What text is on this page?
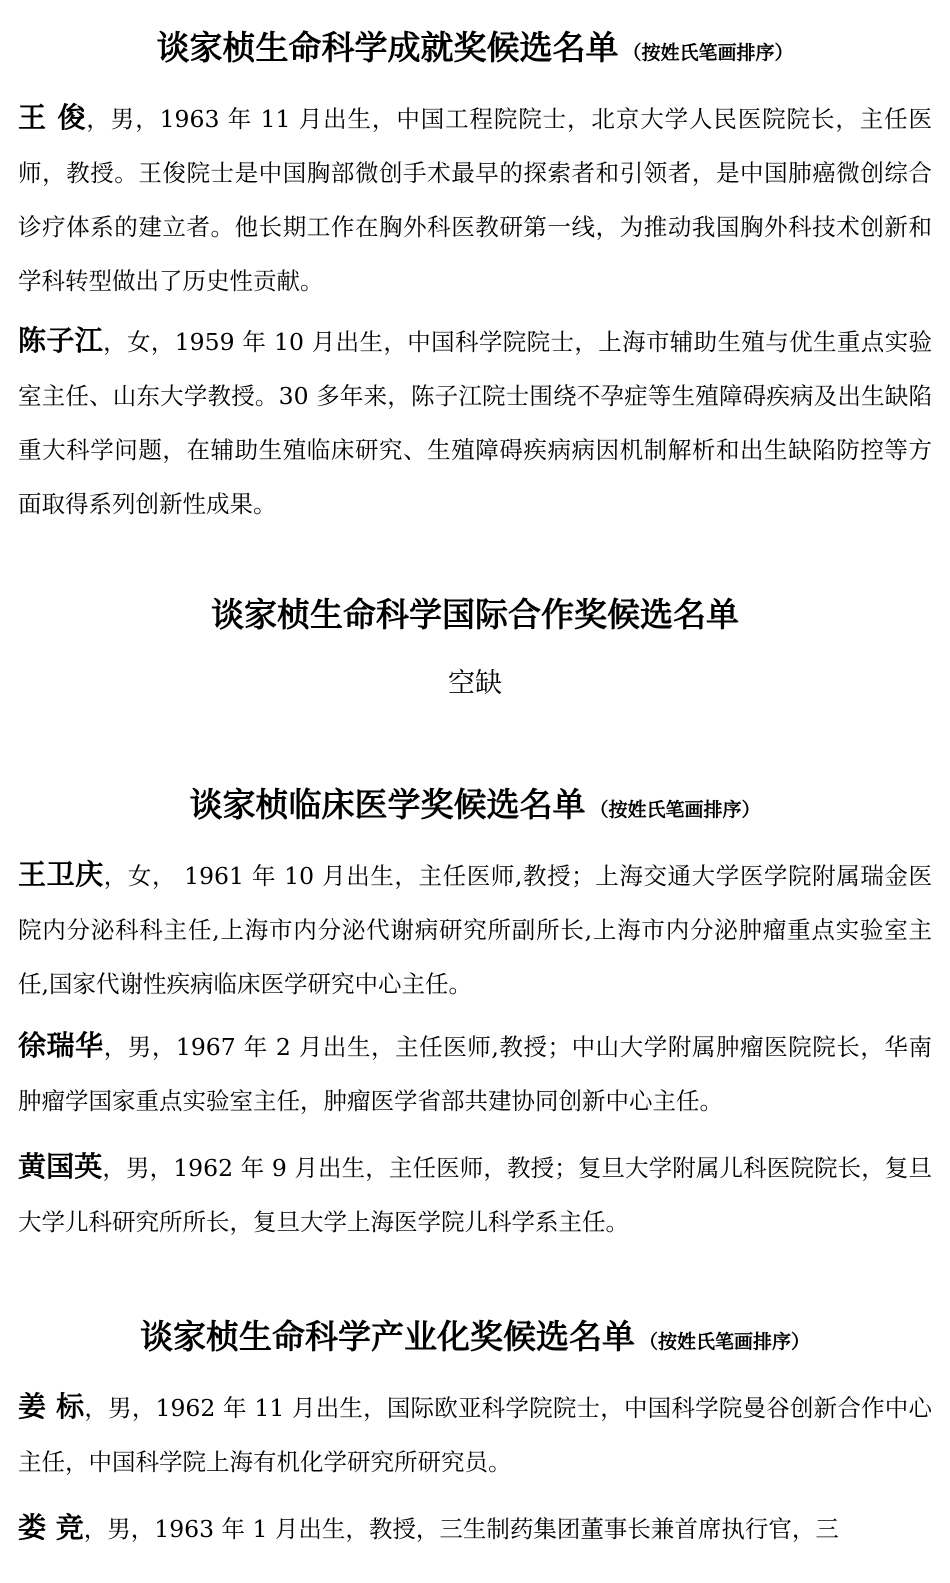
谈家桢生命科学成就奖候选名单 （按姓氏笔画排序）

王 俊，男，1963 年 11 月出生，中国工程院院士，北京大学人民医院院长，主任医师，教授。王俊院士是中国胸部微创手术最早的探索者和引领者，是中国肺癌微创综合诊疗体系的建立者。他长期工作在胸外科医教研第一线，为推动我国胸外科技术创新和学科转型做出了历史性贡献。

陈子江，女，1959 年 10 月出生，中国科学院院士，上海市辅助生殖与优生重点实验室主任、山东大学教授。30 多年来，陈子江院士围绕不孕症等生殖障碍疾病及出生缺陷重大科学问题，在辅助生殖临床研究、生殖障碍疾病病因机制解析和出生缺陷防控等方面取得系列创新性成果。

谈家桢生命科学国际合作奖候选名单
空缺
谈家桢临床医学奖候选名单 （按姓氏笔画排序）

王卫庆，女， 1961 年 10 月出生，主任医师,教授；上海交通大学医学院附属瑞金医院内分泌科科主任,上海市内分泌代谢病研究所副所长,上海市内分泌肿瘤重点实验室主任,国家代谢性疾病临床医学研究中心主任。

徐瑞华，男，1967 年 2 月出生，主任医师,教授；中山大学附属肿瘤医院院长，华南肿瘤学国家重点实验室主任，肿瘤医学省部共建协同创新中心主任。

黄国英，男，1962 年 9 月出生，主任医师，教授；复旦大学附属儿科医院院长，复旦大学儿科研究所所长，复旦大学上海医学院儿科学系主任。

谈家桢生命科学产业化奖候选名单 （按姓氏笔画排序）

姜 标，男，1962 年 11 月出生，国际欧亚科学院院士，中国科学院曼谷创新合作中心主任，中国科学院上海有机化学研究所研究员。

娄 竞，男，1963 年 1 月出生，教授，三生制药集团董事长兼首席执行官，三
